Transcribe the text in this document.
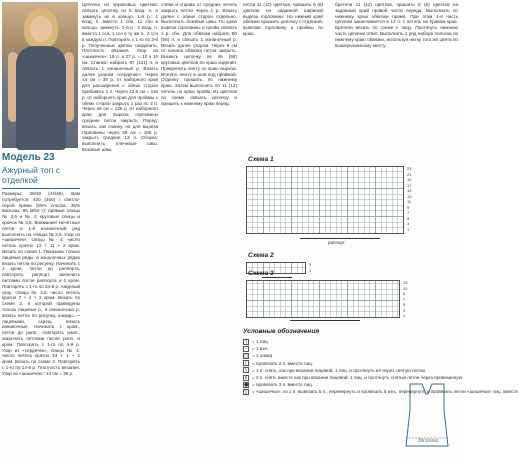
Модель 23
Ажурный топ с отделкой
Размеры: 36/38 (44/46). Вам потребуется: 400 (450) г светло-серой пряжи (65% хлопка, 35% вискозы, 85 м/50 г); прямые спицы № 3,5 и № 4; круговые спицы и крючок № 3,5. Внимание! Нечётные петли и 1-й изнаночный ряд выполнять на спицах № 3,5. Узор из «шишечек», спицы № 4: число петель кратно 12 + 11 + 2 кром. Вязать по схеме 1. Показаны только лицевые ряды, в изнаночных рядах вязать петли по рисунку. Начинать с 1 кром., петли до раппорта, повторять раппорт, закончить петлями после раппорта и 1 кром. Повторять с 1-го по 24-й р. Ажурный узор, спицы № 3,5: число петель кратно 7 + 4 + 2 кром. Вязать по схеме 2, в которой приведены только лицевые р., в изнаночных р. вязать петли по рисунку, накиды — лицевыми, скрещ. вязать изнаночные. Начинать с кром., петли до рапп., повторять рапп., закончить петлями после рапп. и кром. Повторять с 1-го по 4-й р. Узор из «сердечек», спицы № 4: число петель кратно 24 + 1 + 2 кром. Вязать по схеме 3. Повторять с 1-го по 14-й р. Плотность вязания. Узор из «шишечек»: 14 см = 38 р.
Цепочка из кружковых цветков: связать цепочку из 5 возд. п. и замкнуть их в кольцо. 1-й р.: 1 возд. п. вместо 1 сбн, 11 сбн в кольцо, замкнуть. 2-й р.: 3 возд. п. вместо 1 ссн, 1 ссн в ту же п., 2 ссн в каждую п. Повторить с 1-го по 3-й р. Полученные цветки соединить. Плотность вязания. Узор из «шишечек»: 19 п. и 27 р. = 10 х 10 см. Спинка: набрать 87 (121) п. и связать 1 изнаночный р. Вязать далее узором «сердечек». Через 14 см = 38 р. от наборного края для расширения с обеих сторон прибавить 1 п. Через 42,5 см = 116 р. от наборного края для проймы с обеих сторон закрыть 1 раз по 3 п. Через 46 см = 126 р. от наборного края для выреза горловины средние петли закрыть. Перед: вязать, как спинку, но для выреза горловины через 39 см = 106 р. закрыть средние 13 п. Сборка: выполнить плечевые швы. Боковые швы.
слева и справа от средних петель закрыть петли через 1 р. Вязать далее с обеих сторон отдельно. Выполнить боковые швы. По краю выреза горловины и пройм связать 1 р. сбн. Для обвязки набрать 50 (58) п. и связать 1 изнаночный р. Вязать далее узором. Через 6 см от начала обвязки петли закрыть. Вышить цепочку из 46 (58) круговых цветков по краю изделия. Прикрепить ленту по краю выреза. Втачать ленту в шов под проймой. Отделку пришить по нижнему краю. Затем выполнить по 11 (12) петель по краю пройм. Из цветков по схеме связать цепочку и пришить к нижнему краю перед.
петли 11 (12) цветков, пришить 6 (8) цветков на заданной шириной выреза горловины. На нижний край обвязки пришить цепочку с отделкой, вывязав горловину и проймы по краю.
бретели 11 (12) цветков, пришить 6 (8) цветков на заданный край правой части переда. Выполнить по нижнему краю обвязки прямо. При этом 1-я часть цепочки заканчивается в 12 п. с петель на правом крае. Бретели вязать по схеме к лицу. Протянуть нижнюю часть цепочки ответ. Выполнить 1 ряд набора полоски по нижнему краю обвязки, используя нитку того же цвета по вышеуказанному месту.
Схема 1
23
21
19
17
15
13
11
9
7
5
3
1
раппорт
Схема 2
3
1
Схема 3
13
11
9
7
5
3
1
Условные обозначения
│ = 1 лиц.
–	= 1 изн.
○ = 1 накид
/	= провязать 2 п. вместе лиц.
\	= 1 п. снять, как при вязании лицевой, 1 лиц. и протянуть её через снятую петлю
∧ = 2 п. снять вместе как при вязании лицевой, 1 лиц. и протянуть снятые петли через провязанную
● = провязать 3 п. вместе лиц.
◊	= «шишечка»: из 1 п. вывязать 5 п., перевернуть и провязать 5 изн., перевернуть и провязать петли «шишечки» лиц. вместе
Вязание
